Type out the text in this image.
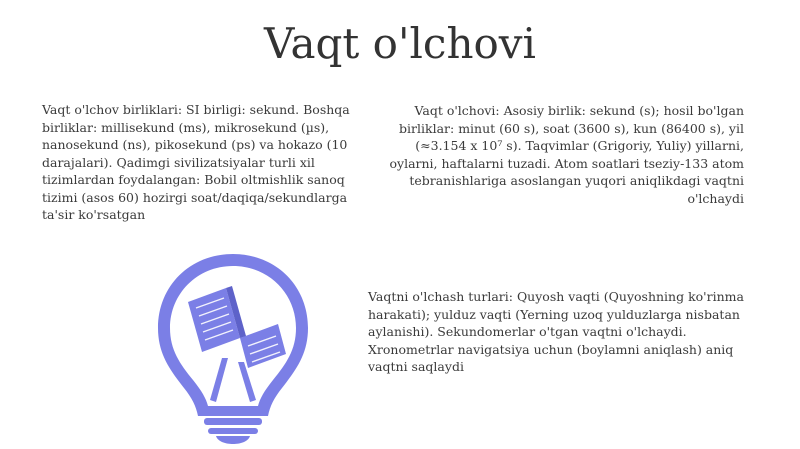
Vaqt o'lchovi

Vaqt o'lchov birliklari: SI birligi: sekund. Boshqa birliklar: millisekund (ms), mikrosekund (µs), nanosekund (ns), pikosekund (ps) va hokazo (10 darajalari). Qadimgi sivilizatsiyalar turli xil tizimlardan foydalangan: Bobil oltmishlik sanoq tizimi (asos 60) hozirgi soat/daqiqa/sekundlarga ta'sir ko'rsatgan

Vaqt o'lchovi: Asosiy birlik: sekund (s); hosil bo'lgan birliklar: minut (60 s), soat (3600 s), kun (86400 s), yil (≈3.154 x 10⁷ s). Taqvimlar (Grigoriy, Yuliy) yillarni, oylarni, haftalarni tuzadi. Atom soatlari tseziy-133 atom tebranishlariga asoslangan yuqori aniqlikdagi vaqtni o'lchaydi

Vaqtni o'lchash turlari: Quyosh vaqti (Quyoshning ko'rinma harakati); yulduz vaqti (Yerning uzoq yulduzlarga nisbatan aylanishi). Sekundomerlar o'tgan vaqtni o'lchaydi. Xronometrlar navigatsiya uchun (boylamni aniqlash) aniq vaqtni saqlaydi
